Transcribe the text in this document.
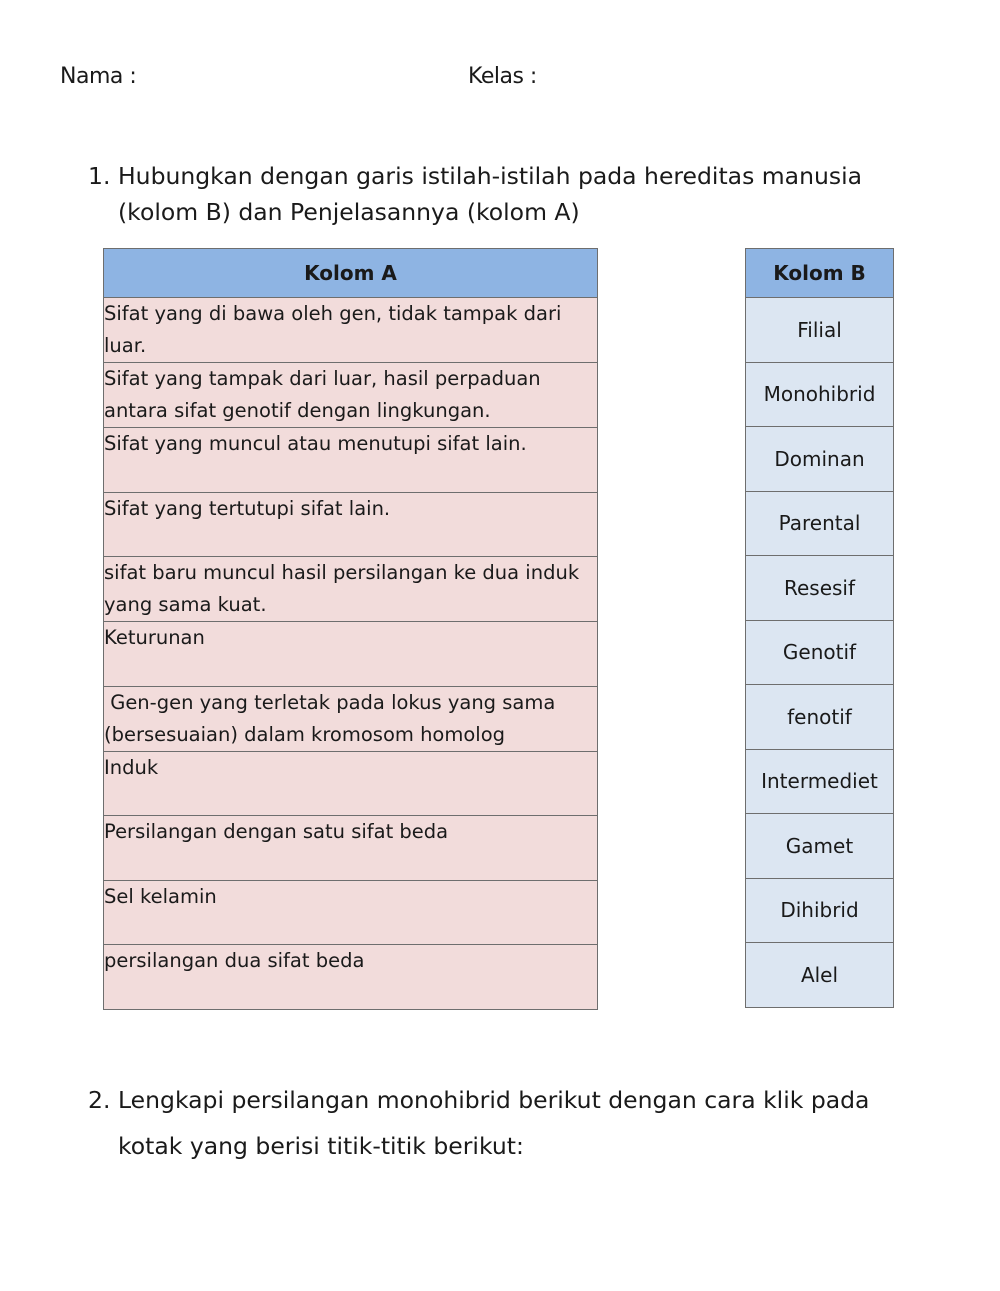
Nama :	Kelas :
1. Hubungkan dengan garis istilah-istilah pada hereditas manusia (kolom B) dan Penjelasannya (kolom A)
Kolom A
Sifat yang di bawa oleh gen, tidak tampak dari luar.
Sifat yang tampak dari luar, hasil perpaduan antara sifat genotif dengan lingkungan.
Sifat yang muncul atau menutupi sifat lain.
Sifat yang tertutupi sifat lain.
sifat baru muncul hasil persilangan ke dua induk yang sama kuat.
Keturunan
Gen-gen yang terletak pada lokus yang sama (bersesuaian) dalam kromosom homolog
Induk
Persilangan dengan satu sifat beda
Sel kelamin
persilangan dua sifat beda
Kolom B
Filial
Monohibrid
Dominan
Parental
Resesif
Genotif
fenotif
Intermediet
Gamet
Dihibrid
Alel
2. Lengkapi persilangan monohibrid berikut dengan cara klik pada kotak yang berisi titik-titik berikut:
